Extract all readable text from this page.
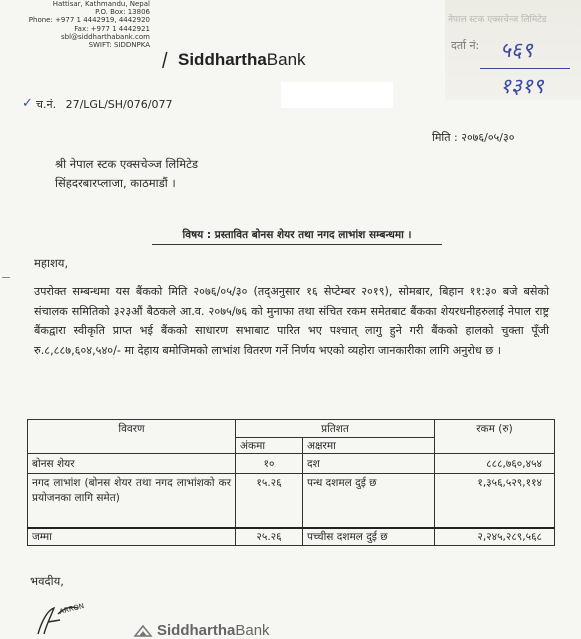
Hattisar, Kathmandu, Nepal
P.O. Box: 13806
Phone: +977 1 4442919, 4442920
Fax: +977 1 4442921
sbl@siddharthabank.com
SWIFT: SIDDNPKA
SiddharthaBank
नेपाल स्टक एक्सचेन्ज लिमिटेड
दर्ता नं: ५६९
१३१९
✓ च.नं. 27/LGL/SH/076/077
मिति : २०७६/०५/३०
श्री नेपाल स्टक एक्सचेञ्ज लिमिटेड
सिंहदरबारप्लाजा, काठमाडौं ।
विषय : प्रस्तावित बोनस शेयर तथा नगद लाभांश सम्बन्धमा ।
महाशय,
उपरोक्त सम्बन्धमा यस बैंकको मिति २०७६/०५/३० (तद्अनुसार १६ सेप्टेम्बर २०१९), सोमबार, बिहान ११:३० बजे बसेको संचालक समितिको ३२३औं बैठकले आ.व. २०७५/७६ को मुनाफा तथा संचित रकम समेतबाट बैंकका शेयरधनीहरुलाई नेपाल राष्ट्र बैंकद्वारा स्वीकृति प्राप्त भई बैंकको साधारण सभाबाट पारित भए पश्चात् लागु हुने गरी बैंकको हालको चुक्ता पूँजी रु.८,८८७,६०४,५४०/- मा देहाय बमोजिमको लाभांश वितरण गर्ने निर्णय भएको व्यहोरा जानकारीका लागि अनुरोध छ ।
विवरण	प्रतिशत		रकम (रु)
	अंकमा	अक्षरमा	
बोनस शेयर	१०	दश	८८८,७६०,४५४
नगद लाभांश (बोनस शेयर तथा नगद लाभांशको कर प्रयोजनका लागि समेत)	१५.२६	पन्ध दशमल दुई छ	१,३५६,५२९,११४
जम्मा	२५.२६	पच्चीस दशमल दुई छ	२,२४५,२८९,५६८
भवदीय,
ARRON
SiddharthaBank
